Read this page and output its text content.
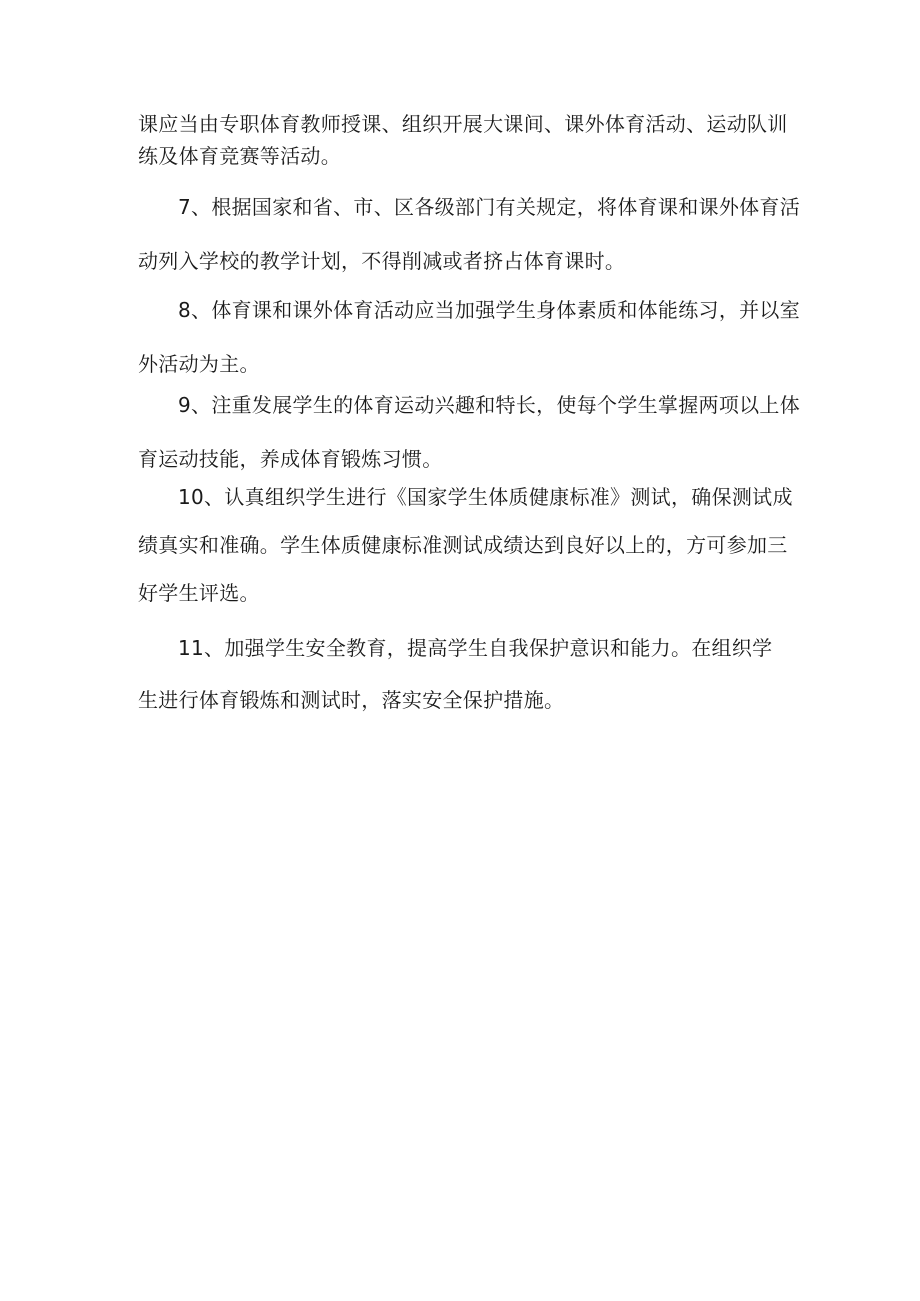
课应当由专职体育教师授课、组织开展大课间、课外体育活动、运动队训
练及体育竞赛等活动。

7、根据国家和省、市、区各级部门有关规定，将体育课和课外体育活
动列入学校的教学计划，不得削减或者挤占体育课时。

8、体育课和课外体育活动应当加强学生身体素质和体能练习，并以室
外活动为主。

9、注重发展学生的体育运动兴趣和特长，使每个学生掌握两项以上体
育运动技能，养成体育锻炼习惯。

10、认真组织学生进行《国家学生体质健康标准》测试，确保测试成
绩真实和准确。学生体质健康标准测试成绩达到良好以上的，方可参加三
好学生评选。

11、加强学生安全教育，提高学生自我保护意识和能力。在组织学
生进行体育锻炼和测试时，落实安全保护措施。
